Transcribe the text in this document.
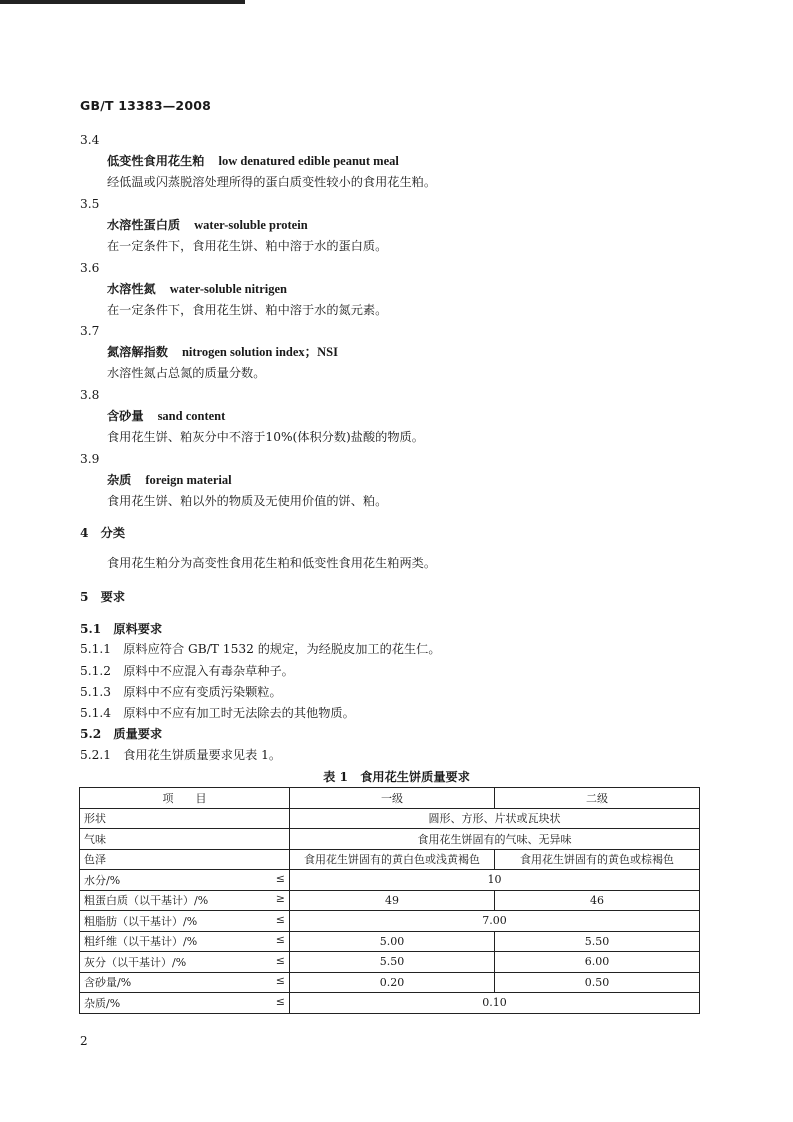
GB/T 13383—2008
3.4
低变性食用花生粕 low denatured edible peanut meal
经低温或闪蒸脱溶处理所得的蛋白质变性较小的食用花生粕。
3.5
水溶性蛋白质 water-soluble protein
在一定条件下，食用花生饼、粕中溶于水的蛋白质。
3.6
水溶性氮 water-soluble nitrigen
在一定条件下，食用花生饼、粕中溶于水的氮元素。
3.7
氮溶解指数 nitrogen solution index；NSI
水溶性氮占总氮的质量分数。
3.8
含砂量 sand content
食用花生饼、粕灰分中不溶于10%(体积分数)盐酸的物质。
3.9
杂质 foreign material
食用花生饼、粕以外的物质及无使用价值的饼、粕。
4　分类
食用花生粕分为高变性食用花生粕和低变性食用花生粕两类。
5　要求
5.1　原料要求
5.1.1　原料应符合 GB/T 1532 的规定，为经脱皮加工的花生仁。
5.1.2　原料中不应混入有毒杂草种子。
5.1.3　原料中不应有变质污染颗粒。
5.1.4　原料中不应有加工时无法除去的其他物质。
5.2　质量要求
5.2.1　食用花生饼质量要求见表 1。
表 1　食用花生饼质量要求
项　　目	一级	二级
形状	圆形、方形、片状或瓦块状	
气味	食用花生饼固有的气味、无异味	
色泽	食用花生饼固有的黄白色或浅黄褐色	食用花生饼固有的黄色或棕褐色

水分/% ≤	10	

粗蛋白质（以干基计）/% ≥	49	46

粗脂肪（以干基计）/% ≤	7.00	

粗纤维（以干基计）/% ≤	5.00	5.50

灰分（以干基计）/% ≤	5.50	6.00

含砂量/% ≤	0.20	0.50

杂质/% ≤	0.10	
2
